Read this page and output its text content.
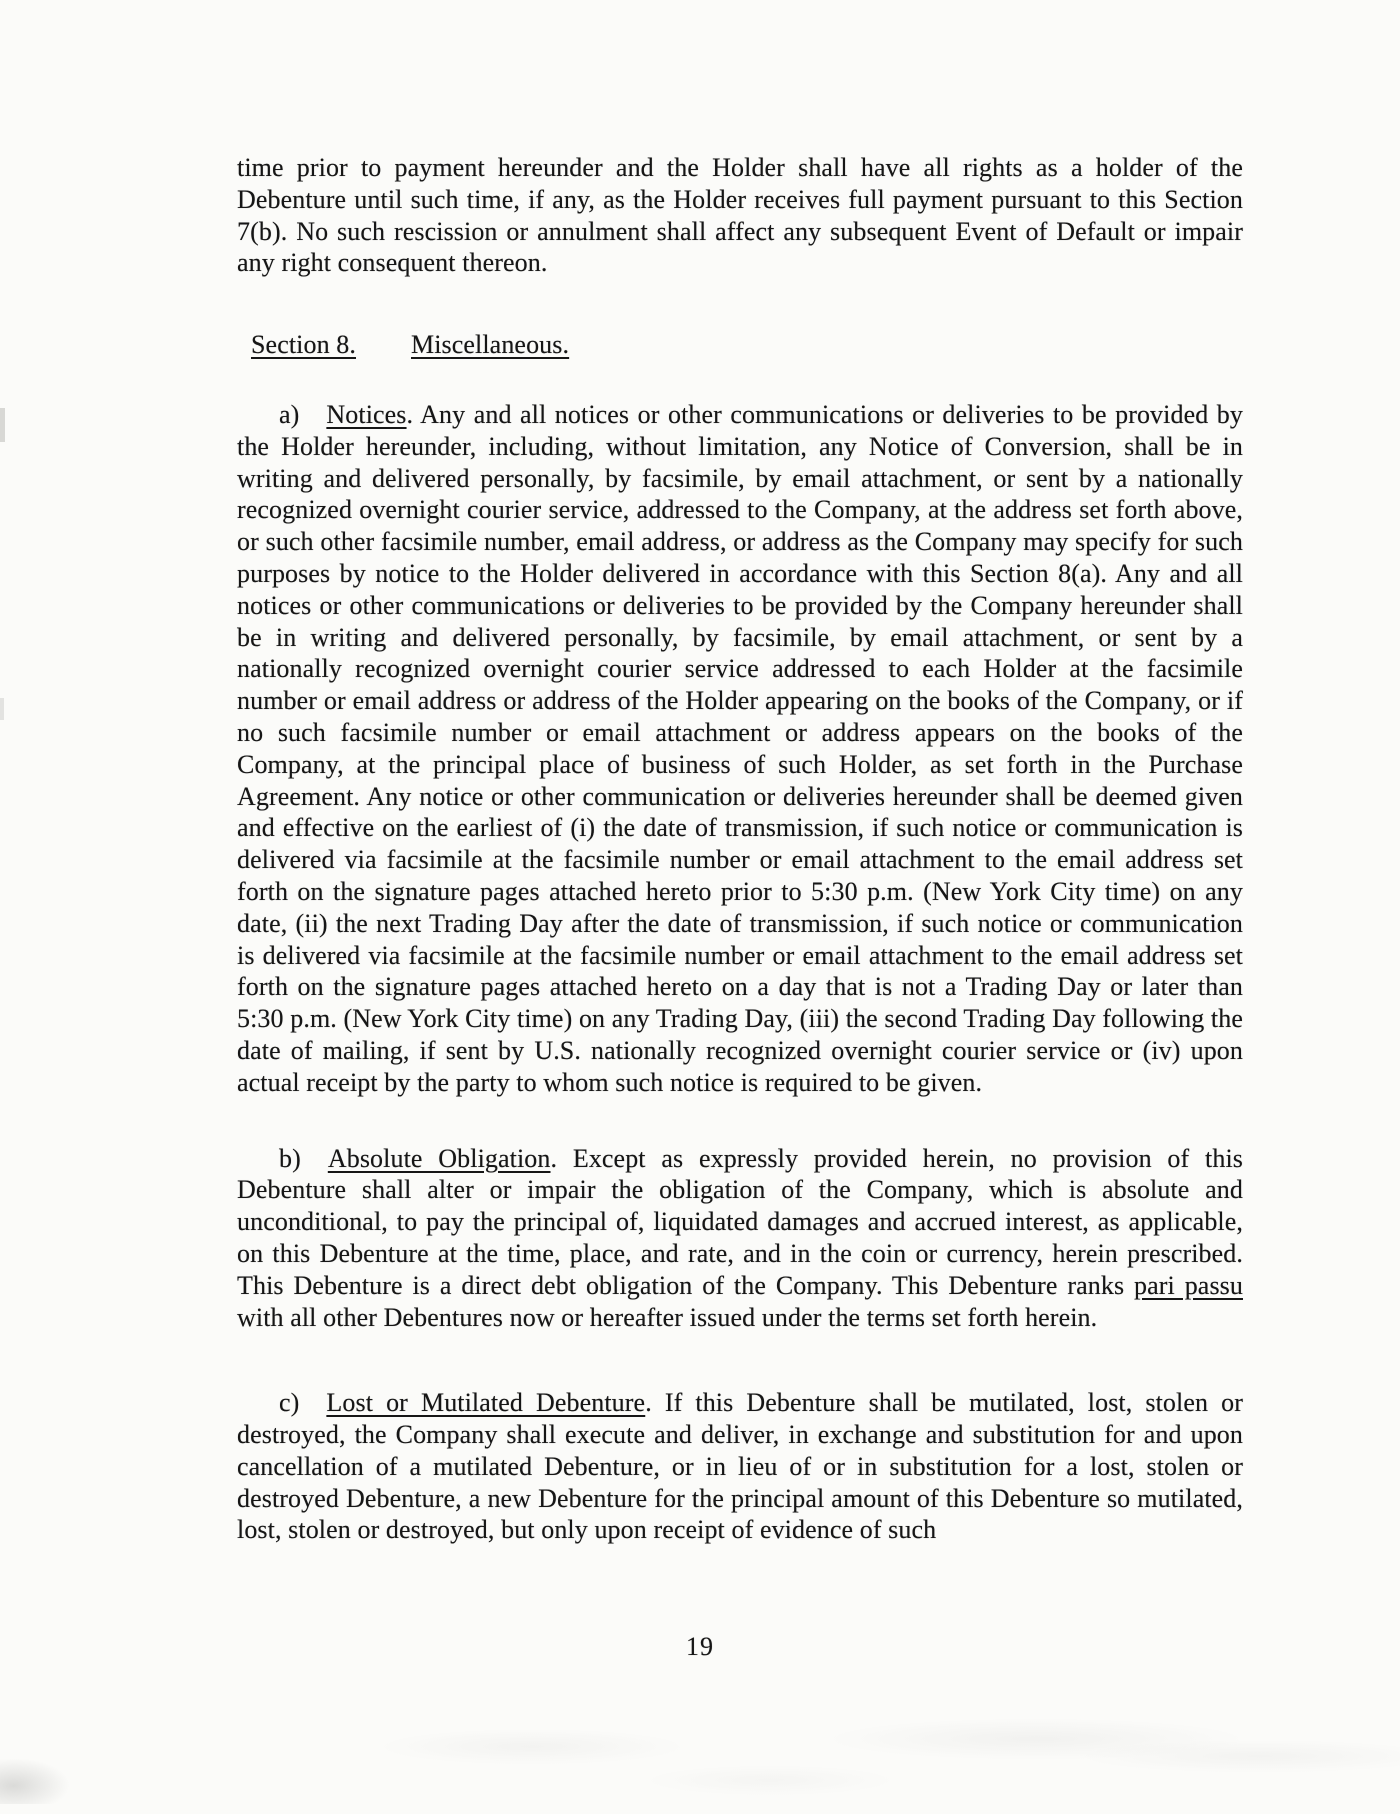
time prior to payment hereunder and the Holder shall have all rights as a holder of the Debenture until such time, if any, as the Holder receives full payment pursuant to this Section 7(b). No such rescission or annulment shall affect any subsequent Event of Default or impair any right consequent thereon.

Section 8. Miscellaneous.

a) Notices. Any and all notices or other communications or deliveries to be provided by the Holder hereunder, including, without limitation, any Notice of Conversion, shall be in writing and delivered personally, by facsimile, by email attachment, or sent by a nationally recognized overnight courier service, addressed to the Company, at the address set forth above, or such other facsimile number, email address, or address as the Company may specify for such purposes by notice to the Holder delivered in accordance with this Section 8(a). Any and all notices or other communications or deliveries to be provided by the Company hereunder shall be in writing and delivered personally, by facsimile, by email attachment, or sent by a nationally recognized overnight courier service addressed to each Holder at the facsimile number or email address or address of the Holder appearing on the books of the Company, or if no such facsimile number or email attachment or address appears on the books of the Company, at the principal place of business of such Holder, as set forth in the Purchase Agreement. Any notice or other communication or deliveries hereunder shall be deemed given and effective on the earliest of (i) the date of transmission, if such notice or communication is delivered via facsimile at the facsimile number or email attachment to the email address set forth on the signature pages attached hereto prior to 5:30 p.m. (New York City time) on any date, (ii) the next Trading Day after the date of transmission, if such notice or communication is delivered via facsimile at the facsimile number or email attachment to the email address set forth on the signature pages attached hereto on a day that is not a Trading Day or later than 5:30 p.m. (New York City time) on any Trading Day, (iii) the second Trading Day following the date of mailing, if sent by U.S. nationally recognized overnight courier service or (iv) upon actual receipt by the party to whom such notice is required to be given.

b) Absolute Obligation. Except as expressly provided herein, no provision of this Debenture shall alter or impair the obligation of the Company, which is absolute and unconditional, to pay the principal of, liquidated damages and accrued interest, as applicable, on this Debenture at the time, place, and rate, and in the coin or currency, herein prescribed. This Debenture is a direct debt obligation of the Company. This Debenture ranks pari passu with all other Debentures now or hereafter issued under the terms set forth herein.

c) Lost or Mutilated Debenture. If this Debenture shall be mutilated, lost, stolen or destroyed, the Company shall execute and deliver, in exchange and substitution for and upon cancellation of a mutilated Debenture, or in lieu of or in substitution for a lost, stolen or destroyed Debenture, a new Debenture for the principal amount of this Debenture so mutilated, lost, stolen or destroyed, but only upon receipt of evidence of such

19
